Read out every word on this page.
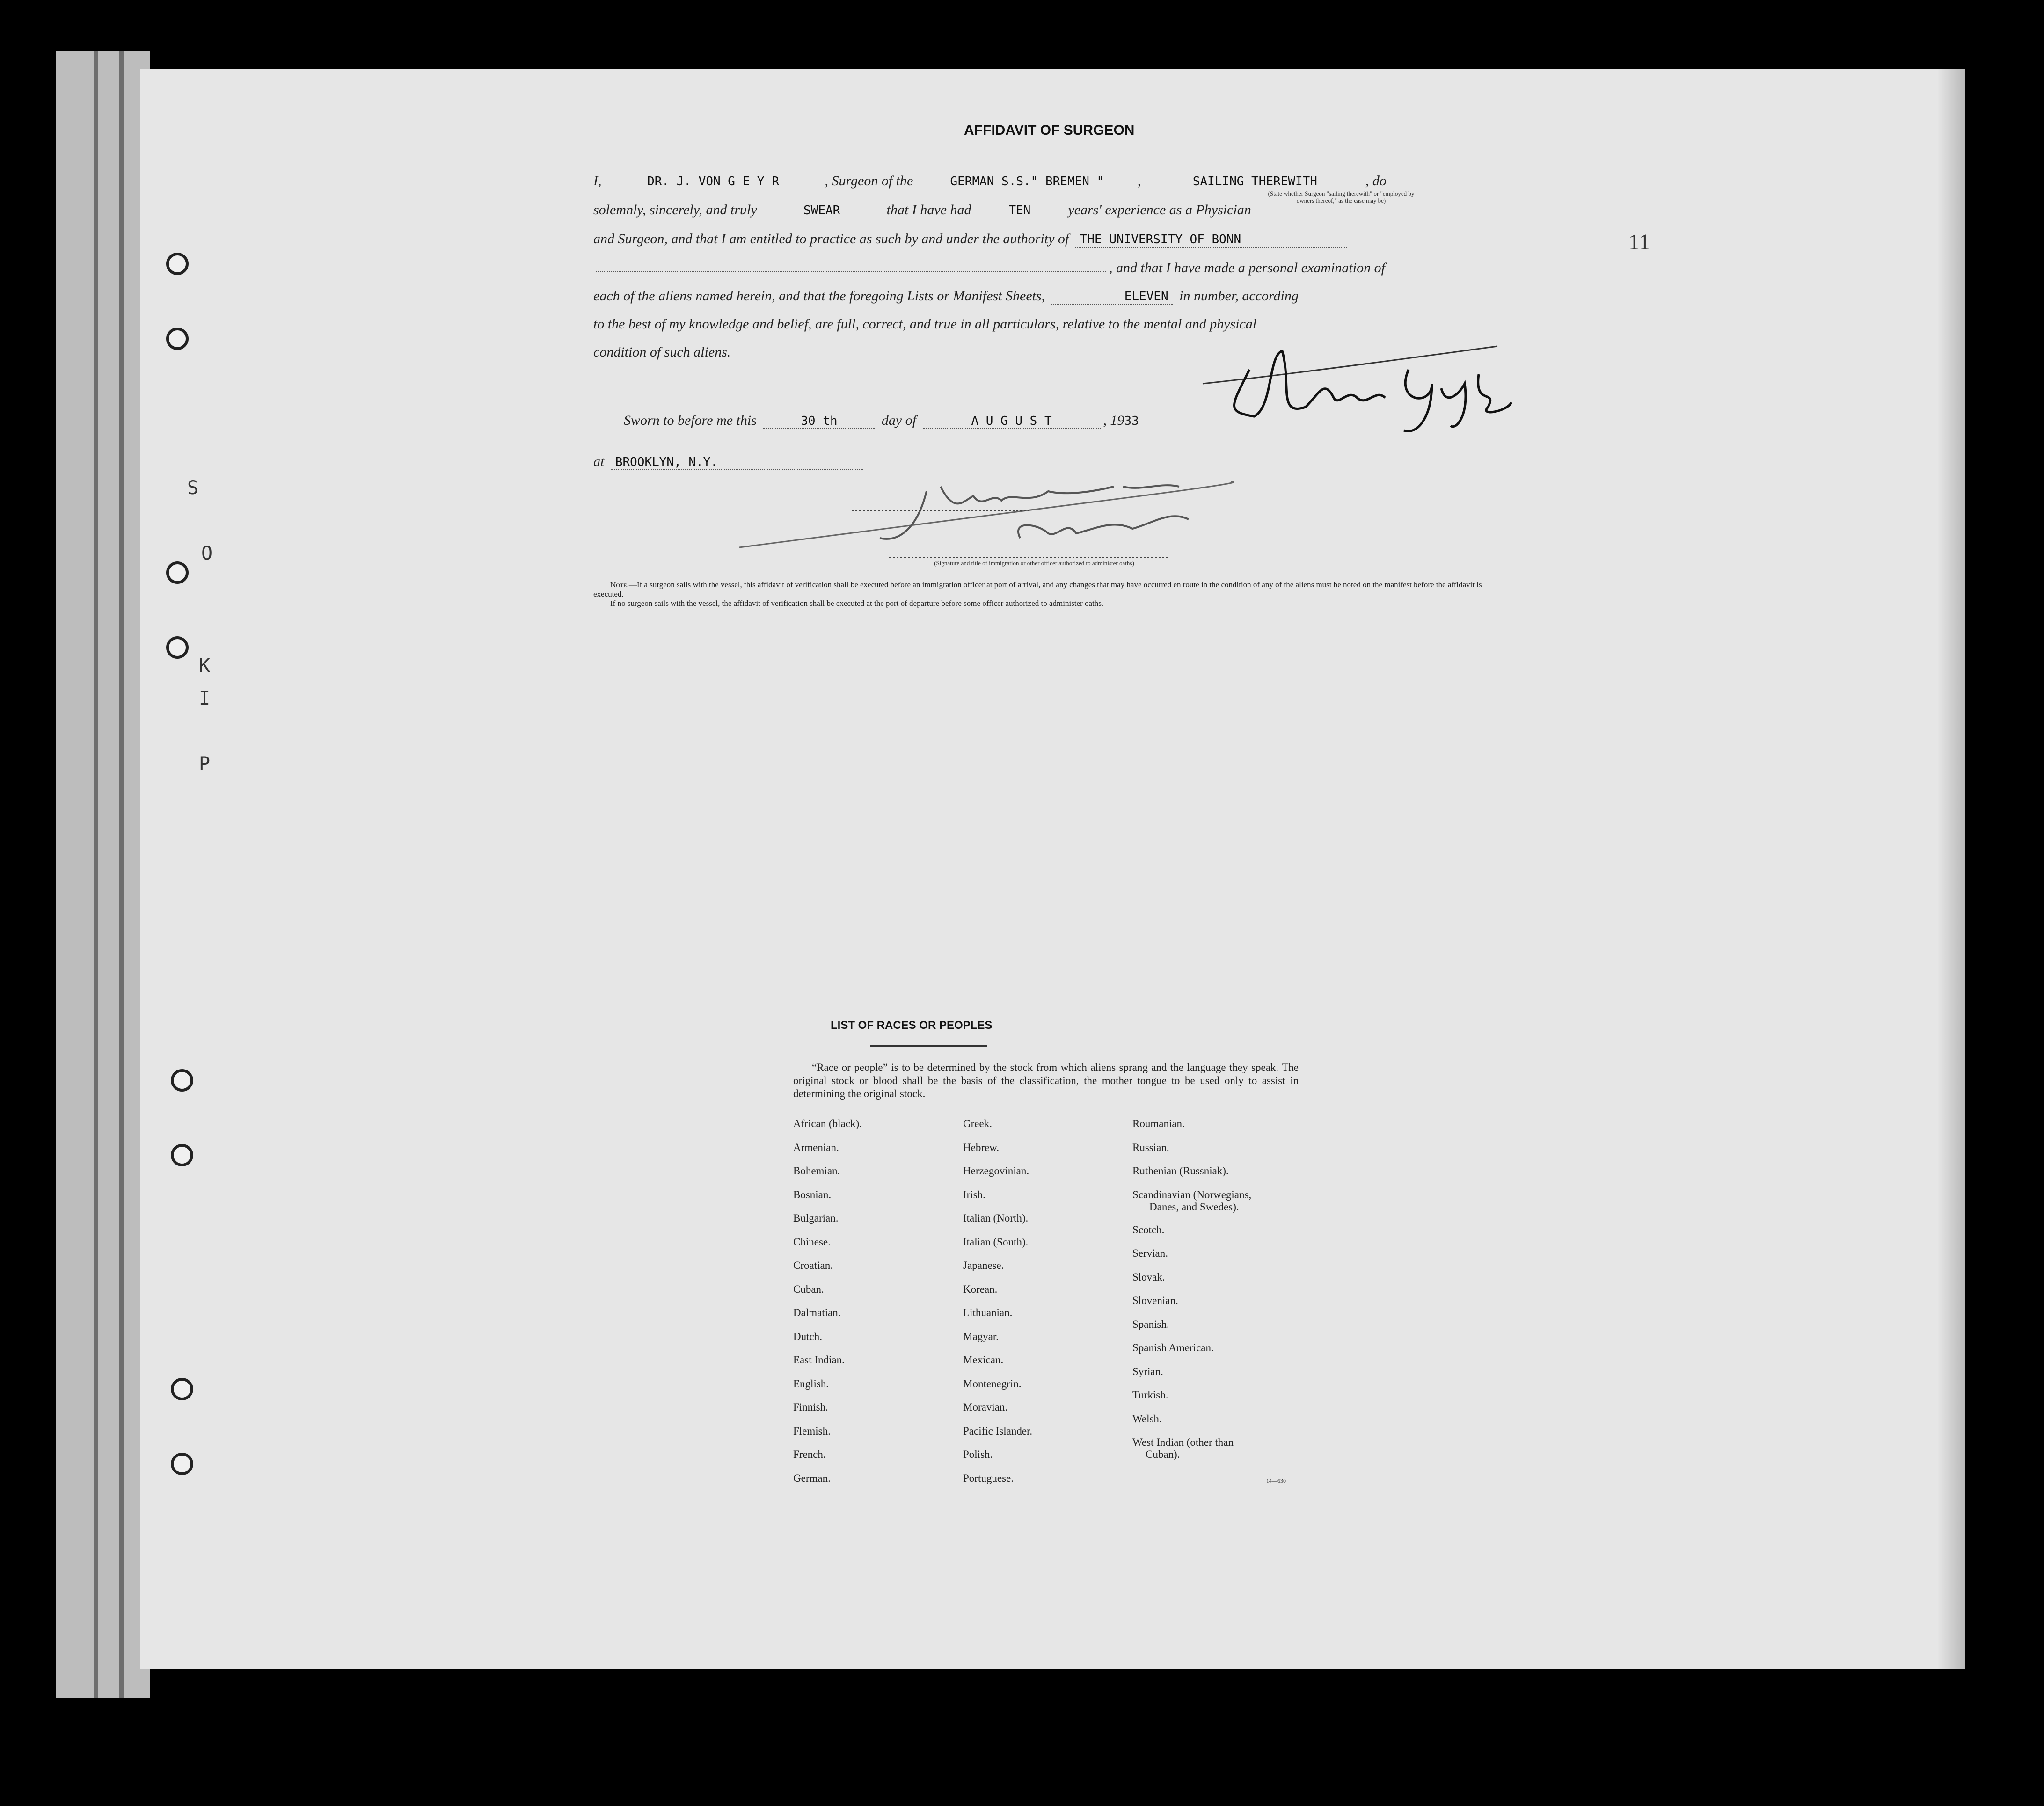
S
O
K
I
P
11
AFFIDAVIT OF SURGEON
I,	DR. J. VON G E Y R	, Surgeon of the	GERMAN S.S." BREMEN " ,	SAILING THEREWITH	, do
(State whether Surgeon "sailing therewith" or "employed by owners thereof," as the case may be)
solemnly, sincerely, and truly	SWEAR	that I have had	TEN	years' experience as a Physician
and Surgeon, and that I am entitled to practice as such by and under the authority of THE UNIVERSITY OF BONN
, and that I have made a personal examination of
each of the aliens named herein, and that the foregoing Lists or Manifest Sheets,	ELEVEN in number, according
to the best of my knowledge and belief, are full, correct, and true in all particulars, relative to the mental and physical
condition of such aliens.
Sworn to before me this	30 th	day of	A U G U S T	, 1933
at BROOKLYN, N.Y.
(Signature and title of immigration or other officer authorized to administer oaths)
Note.—If a surgeon sails with the vessel, this affidavit of verification shall be executed before an immigration officer at port of arrival, and any changes that may have occurred en route in the condition of any of the aliens must be noted on the manifest before the affidavit is executed.
If no surgeon sails with the vessel, the affidavit of verification shall be executed at the port of departure before some officer authorized to administer oaths.
LIST OF RACES OR PEOPLES
“Race or people” is to be determined by the stock from which aliens sprang and the language they speak. The original stock or blood shall be the basis of the classification, the mother tongue to be used only to assist in determining the original stock.
African (black).
Armenian.
Bohemian.
Bosnian.
Bulgarian.
Chinese.
Croatian.
Cuban.
Dalmatian.
Dutch.
East Indian.
English.
Finnish.
Flemish.
French.
German.
Greek.
Hebrew.
Herzegovinian.
Irish.
Italian (North).
Italian (South).
Japanese.
Korean.
Lithuanian.
Magyar.
Mexican.
Montenegrin.
Moravian.
Pacific Islander.
Polish.
Portuguese.
Roumanian.
Russian.
Ruthenian (Russniak).
Scandinavian (Norwegians,
Danes, and Swedes).
Scotch.
Servian.
Slovak.
Slovenian.
Spanish.
Spanish American.
Syrian.
Turkish.
Welsh.
West Indian (other than
Cuban).
14—630
